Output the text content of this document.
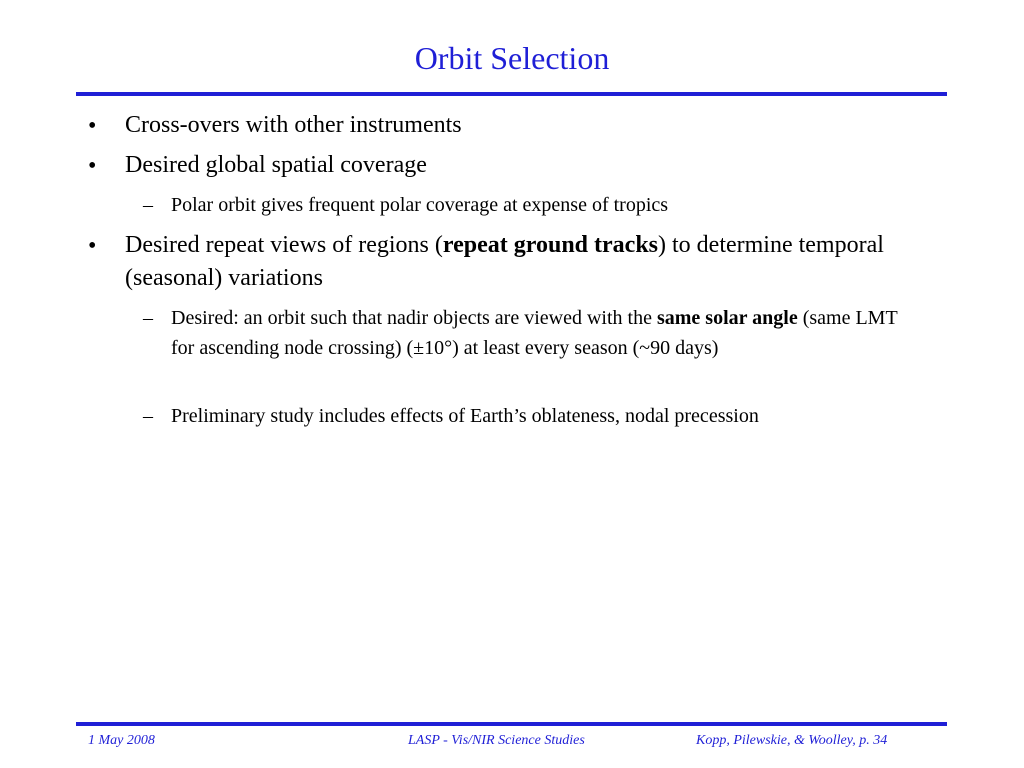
Orbit Selection
• Cross-overs with other instruments
• Desired global spatial coverage
– Polar orbit gives frequent polar coverage at expense of tropics
• Desired repeat views of regions (repeat ground tracks) to determine temporal (seasonal) variations
– Desired: an orbit such that nadir objects are viewed with the same solar angle (same LMT for ascending node crossing) (±10°) at least every season (~90 days)
– Preliminary study includes effects of Earth’s oblateness, nodal precession
1 May 2008	LASP - Vis/NIR Science Studies	Kopp, Pilewskie, & Woolley, p. 34
